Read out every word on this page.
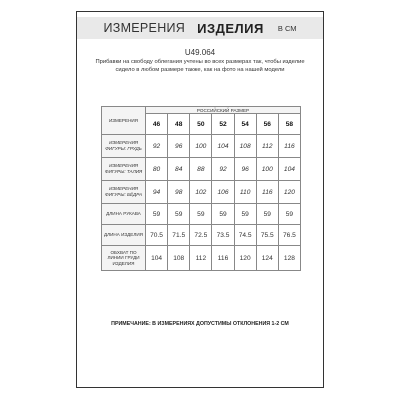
ИЗМЕРЕНИЯ ИЗДЕЛИЯ В СМ
U49.064
Прибавки на свободу облегания учтены во всех размерах так, чтобы изделие сидело в любом размере также, как на фото на нашей модели
ИЗМЕРЕНИЯ	РОССИЙСКИЙ РАЗМЕР						
	46	48	50	52	54	56	58
ИЗМЕРЕНИЯ ФИГУРЫ: ГРУДЬ	92	96	100	104	108	112	116
ИЗМЕРЕНИЯ ФИГУРЫ: ТАЛИЯ	80	84	88	92	96	100	104
ИЗМЕРЕНИЯ ФИГУРЫ: БЁДРА	94	98	102	106	110	116	120
ДЛИНА РУКАВА	59	59	59	59	59	59	59
ДЛИНА ИЗДЕЛИЯ	70.5	71.5	72.5	73.5	74.5	75.5	76.5
ОБХВАТ ПО ЛИНИИ ГРУДИ ИЗДЕЛИЯ	104	108	112	116	120	124	128
ПРИМЕЧАНИЕ: В ИЗМЕРЕНИЯХ ДОПУСТИМЫ ОТКЛОНЕНИЯ 1-2 СМ
